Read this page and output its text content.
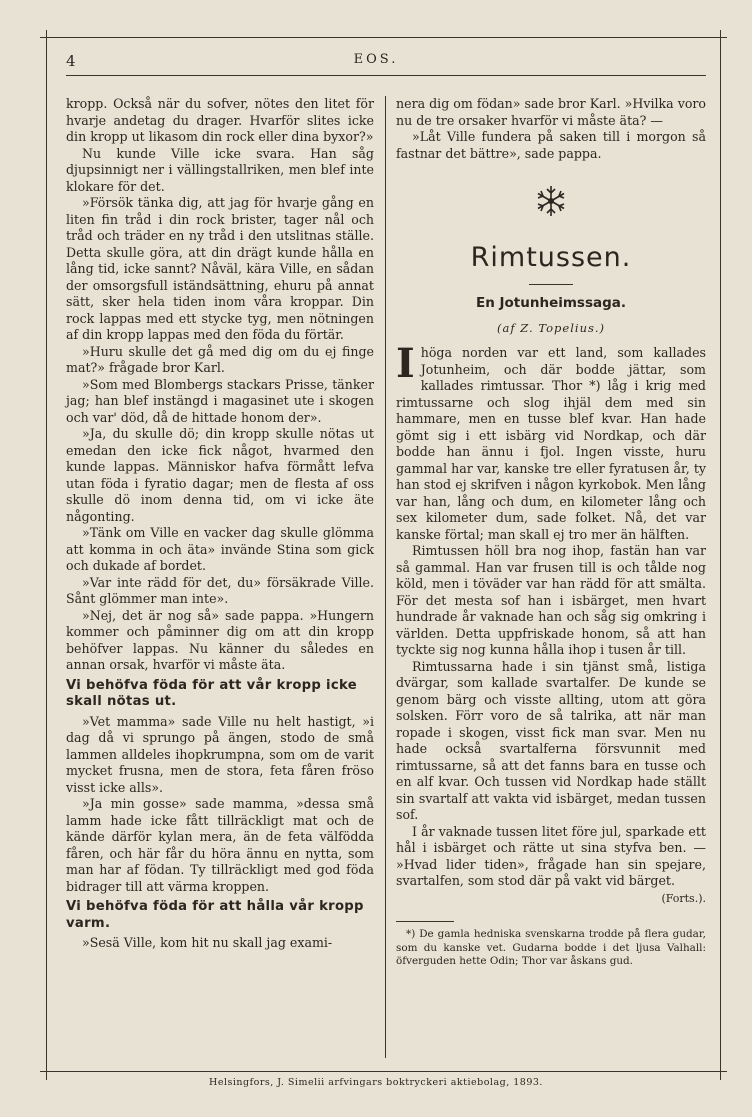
4	EOS.

kropp. Också när du sofver, nötes den litet för hvarje andetag du drager. Hvarför slites icke din kropp ut likasom din rock eller dina byxor?»

Nu kunde Ville icke svara. Han såg djupsinnigt ner i vällingstallriken, men blef inte klokare för det.

»Försök tänka dig, att jag för hvarje gång en liten fin tråd i din rock brister, tager nål och tråd och träder en ny tråd i den utslitnas ställe. Detta skulle göra, att din drägt kunde hålla en lång tid, icke sannt? Nåväl, kära Ville, en sådan der omsorgsfull iständsättning, ehuru på annat sätt, sker hela tiden inom våra kroppar. Din rock lappas med ett stycke tyg, men nötningen af din kropp lappas med den föda du förtär.

»Huru skulle det gå med dig om du ej finge mat?» frågade bror Karl.

»Som med Blombergs stackars Prisse, tänker jag; han blef instängd i magasinet ute i skogen och var' död, då de hittade honom der».

»Ja, du skulle dö; din kropp skulle nötas ut emedan den icke fick något, hvarmed den kunde lappas. Människor hafva förmått lefva utan föda i fyratio dagar; men de flesta af oss skulle dö inom denna tid, om vi icke äte någonting.

»Tänk om Ville en vacker dag skulle glömma att komma in och äta» invände Stina som gick och dukade af bordet.

»Var inte rädd för det, du» försäkrade Ville. Sånt glömmer man inte».

»Nej, det är nog så» sade pappa. »Hungern kommer och påminner dig om att din kropp behöfver lappas. Nu känner du således en annan orsak, hvarför vi måste äta.

Vi behöfva föda för att vår kropp icke skall nötas ut.

»Vet mamma» sade Ville nu helt hastigt, »i dag då vi sprungo på ängen, stodo de små lammen alldeles ihopkrumpna, som om de varit mycket frusna, men de stora, feta fåren fröso visst icke alls».

»Ja min gosse» sade mamma, »dessa små lamm hade icke fått tillräckligt mat och de kände därför kylan mera, än de feta välfödda fåren, och här får du höra ännu en nytta, som man har af födan. Ty tillräckligt med god föda bidrager till att värma kroppen.

Vi behöfva föda för att hålla vår kropp varm.

»Sesä Ville, kom hit nu skall jag exami-

nera dig om födan» sade bror Karl. »Hvilka voro nu de tre orsaker hvarför vi måste äta? —

»Låt Ville fundera på saken till i morgon så fastnar det bättre», sade pappa.

Rimtussen.
En Jotunheimssaga.
(af Z. Topelius.)

Ihöga norden var ett land, som kallades Jotunheim, och där bodde jättar, som kallades rimtussar. Thor *) låg i krig med rimtussarne och slog ihjäl dem med sin hammare, men en tusse blef kvar. Han hade gömt sig i ett isbärg vid Nordkap, och där bodde han ännu i fjol. Ingen visste, huru gammal har var, kanske tre eller fyratusen år, ty han stod ej skrifven i någon kyrkobok. Men lång var han, lång och dum, en kilometer lång och sex kilometer dum, sade folket. Nå, det var kanske förtal; man skall ej tro mer än hälften.

Rimtussen höll bra nog ihop, fastän han var så gammal. Han var frusen till is och tålde nog köld, men i töväder var han rädd för att smälta. För det mesta sof han i isbärget, men hvart hundrade år vaknade han och såg sig omkring i världen. Detta uppfriskade honom, så att han tyckte sig nog kunna hålla ihop i tusen år till.

Rimtussarna hade i sin tjänst små, listiga dvärgar, som kallade svartalfer. De kunde se genom bärg och visste allting, utom att göra solsken. Förr voro de så talrika, att när man ropade i skogen, visst fick man svar. Men nu hade också svartalferna försvunnit med rimtussarne, så att det fanns bara en tusse och en alf kvar. Och tussen vid Nordkap hade ställt sin svartalf att vakta vid isbärget, medan tussen sof.

I år vaknade tussen litet före jul, sparkade ett hål i isbärget och rätte ut sina styfva ben. — »Hvad lider tiden», frågade han sin spejare, svartalfen, som stod där på vakt vid bärget.

(Forts.).

*) De gamla hedniska svenskarna trodde på flera gudar, som du kanske vet. Gudarna bodde i det ljusa Valhall: öfverguden hette Odin; Thor var åskans gud.

Helsingfors, J. Simelii arfvingars boktryckeri aktiebolag, 1893.
